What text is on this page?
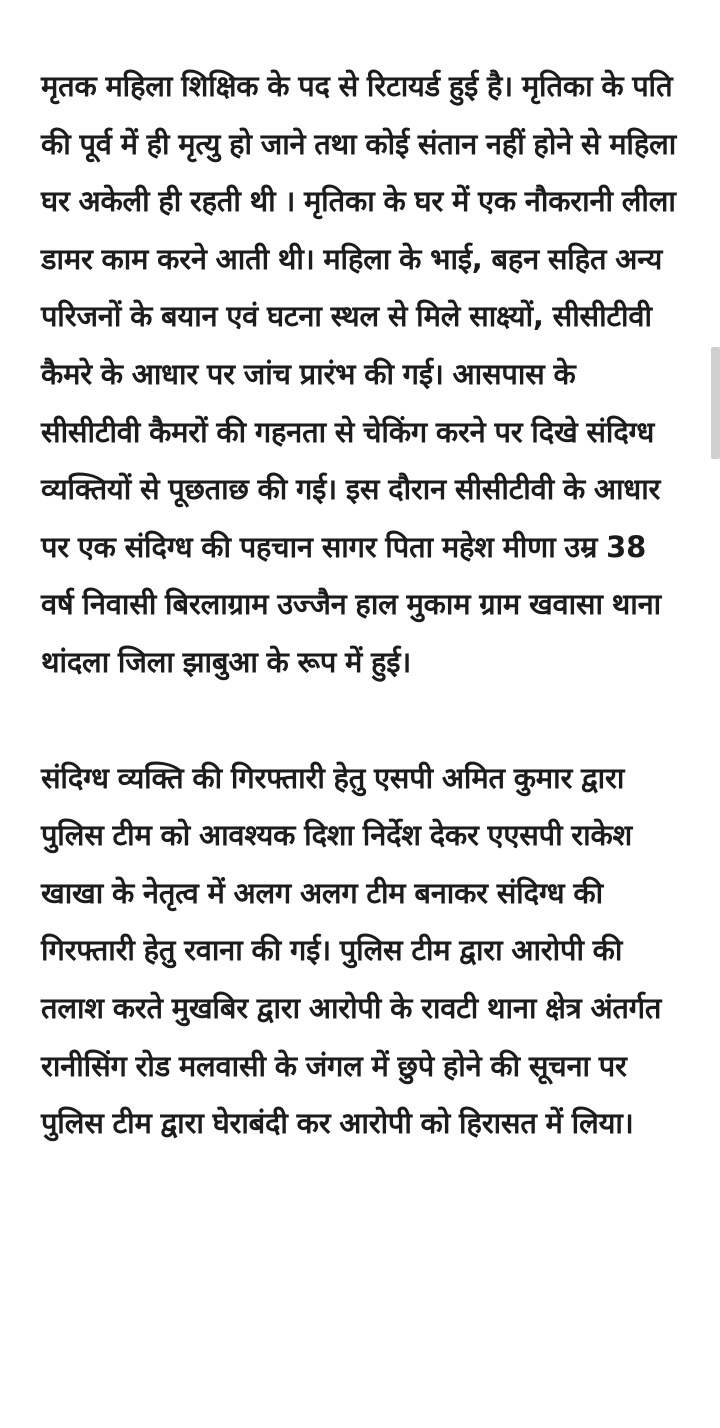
मृतक महिला शिक्षिक के पद से रिटायर्ड हुई है। मृतिका के पति की पूर्व में ही मृत्यु हो जाने तथा कोई संतान नहीं होने से महिला घर अकेली ही रहती थी । मृतिका के घर में एक नौकरानी लीला डामर काम करने आती थी। महिला के भाई, बहन सहित अन्य परिजनों के बयान एवं घटना स्थल से मिले साक्ष्यों, सीसीटीवी कैमरे के आधार पर जांच प्रारंभ की गई। आसपास के सीसीटीवी कैमरों की गहनता से चेकिंग करने पर दिखे संदिग्ध व्यक्तियों से पूछताछ की गई। इस दौरान सीसीटीवी के आधार पर एक संदिग्ध की पहचान सागर पिता महेश मीणा उम्र 38 वर्ष निवासी बिरलाग्राम उज्जैन हाल मुकाम ग्राम खवासा थाना थांदला जिला झाबुआ के रूप में हुई।

संदिग्ध व्यक्ति की गिरफ्तारी हेतु एसपी अमित कुमार द्वारा पुलिस टीम को आवश्यक दिशा निर्देश देकर एएसपी राकेश खाखा के नेतृत्व में अलग अलग टीम बनाकर संदिग्ध की गिरफ्तारी हेतु रवाना की गई। पुलिस टीम द्वारा आरोपी की तलाश करते मुखबिर द्वारा आरोपी के रावटी थाना क्षेत्र अंतर्गत रानीसिंग रोड मलवासी के जंगल में छुपे होने की सूचना पर पुलिस टीम द्वारा घेराबंदी कर आरोपी को हिरासत में लिया।
